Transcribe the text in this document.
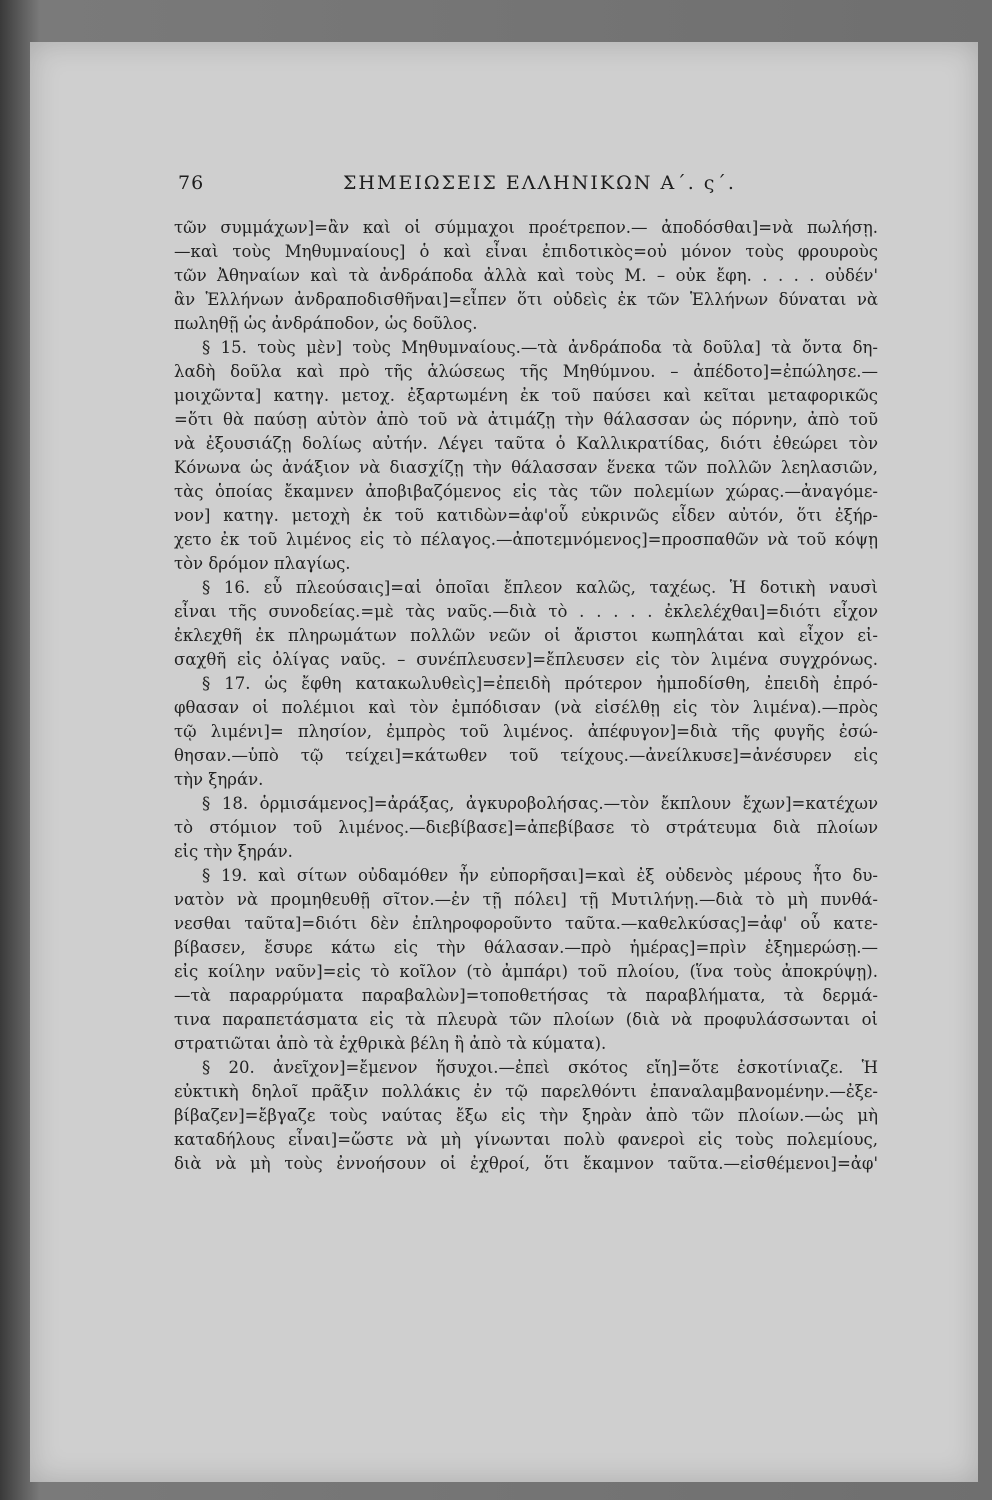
76	ΣΗΜΕΙΩΣΕΙΣ ΕΛΛΗΝΙΚΩΝ Α΄. ς΄.
τῶν συμμάχων]=ἂν καὶ οἱ σύμμαχοι προέτρεπον.— ἀποδόσθαι]=νὰ πωλήσῃ.
—καὶ τοὺς Μηθυμναίους] ὁ καὶ εἶναι ἐπιδοτικὸς=οὐ μόνον τοὺς φρουροὺς
τῶν Ἀθηναίων καὶ τὰ ἀνδράποδα ἀλλὰ καὶ τοὺς Μ. – οὐκ ἔφη. . . . . οὐδέν'
ἂν Ἑλλήνων ἀνδραποδισθῆναι]=εἶπεν ὅτι οὐδεὶς ἐκ τῶν Ἑλλήνων δύναται νὰ
πωληθῇ ὡς ἀνδράποδον, ὡς δοῦλος.
§ 15. τοὺς μὲν] τοὺς Μηθυμναίους.—τὰ ἀνδράποδα τὰ δοῦλα] τὰ ὄντα δη-
λαδὴ δοῦλα καὶ πρὸ τῆς ἁλώσεως τῆς Μηθύμνου. – ἀπέδοτο]=ἐπώλησε.—
μοιχῶντα] κατηγ. μετοχ. ἐξαρτωμένη ἐκ τοῦ παύσει καὶ κεῖται μεταφορικῶς
=ὅτι θὰ παύσῃ αὐτὸν ἀπὸ τοῦ νὰ ἀτιμάζῃ τὴν θάλασσαν ὡς πόρνην, ἀπὸ τοῦ
νὰ ἐξουσιάζῃ δολίως αὐτήν. Λέγει ταῦτα ὁ Καλλικρατίδας, διότι ἐθεώρει τὸν
Κόνωνα ὡς ἀνάξιον νὰ διασχίζῃ τὴν θάλασσαν ἕνεκα τῶν πολλῶν λεηλασιῶν,
τὰς ὁποίας ἔκαμνεν ἀποβιβαζόμενος εἰς τὰς τῶν πολεμίων χώρας.—ἀναγόμε-
νον] κατηγ. μετοχὴ ἐκ τοῦ κατιδὼν=ἀφ'οὗ εὐκρινῶς εἶδεν αὐτόν, ὅτι ἐξήρ-
χετο ἐκ τοῦ λιμένος εἰς τὸ πέλαγος.—ἀποτεμνόμενος]=προσπαθῶν νὰ τοῦ κόψῃ
τὸν δρόμον πλαγίως.
§ 16. εὖ πλεούσαις]=αἱ ὁποῖαι ἔπλεον καλῶς, ταχέως. Ἡ δοτικὴ ναυσὶ
εἶναι τῆς συνοδείας.=μὲ τὰς ναῦς.—διὰ τὸ . . . . . ἐκλελέχθαι]=διότι εἶχον
ἐκλεχθῆ ἐκ πληρωμάτων πολλῶν νεῶν οἱ ἄριστοι κωπηλάται καὶ εἶχον εἰ-
σαχθῆ εἰς ὀλίγας ναῦς. – συνέπλευσεν]=ἔπλευσεν εἰς τὸν λιμένα συγχρόνως.
§ 17. ὡς ἔφθη κατακωλυθεὶς]=ἐπειδὴ πρότερον ἠμποδίσθη, ἐπειδὴ ἐπρό-
φθασαν οἱ πολέμιοι καὶ τὸν ἐμπόδισαν (νὰ εἰσέλθῃ εἰς τὸν λιμένα).—πρὸς
τῷ λιμένι]= πλησίον, ἐμπρὸς τοῦ λιμένος. ἀπέφυγον]=διὰ τῆς φυγῆς ἐσώ-
θησαν.—ὑπὸ τῷ τείχει]=κάτωθεν τοῦ τείχους.—ἀνείλκυσε]=ἀνέσυρεν εἰς
τὴν ξηράν.
§ 18. ὁρμισάμενος]=ἀράξας, ἀγκυροβολήσας.—τὸν ἔκπλουν ἔχων]=κατέχων
τὸ στόμιον τοῦ λιμένος.—διεβίβασε]=ἀπεβίβασε τὸ στράτευμα διὰ πλοίων
εἰς τὴν ξηράν.
§ 19. καὶ σίτων οὐδαμόθεν ἦν εὐπορῆσαι]=καὶ ἐξ οὐδενὸς μέρους ἦτο δυ-
νατὸν νὰ προμηθευθῇ σῖτον.—ἐν τῇ πόλει] τῇ Μυτιλήνῃ.—διὰ τὸ μὴ πυνθά-
νεσθαι ταῦτα]=διότι δὲν ἐπληροφοροῦντο ταῦτα.—καθελκύσας]=ἀφ' οὗ κατε-
βίβασεν, ἔσυρε κάτω εἰς τὴν θάλασαν.—πρὸ ἡμέρας]=πρὶν ἐξημερώσῃ.—
εἰς κοίλην ναῦν]=εἰς τὸ κοῖλον (τὸ ἀμπάρι) τοῦ πλοίου, (ἵνα τοὺς ἀποκρύψῃ).
—τὰ παραρρύματα παραβαλὼν]=τοποθετήσας τὰ παραβλήματα, τὰ δερμά-
τινα παραπετάσματα εἰς τὰ πλευρὰ τῶν πλοίων (διὰ νὰ προφυλάσσωνται οἱ
στρατιῶται ἀπὸ τὰ ἐχθρικὰ βέλη ἢ ἀπὸ τὰ κύματα).
§ 20. ἀνεῖχον]=ἔμενον ἥσυχοι.—ἐπεὶ σκότος εἴη]=ὅτε ἐσκοτίνιαζε. Ἡ
εὐκτικὴ δηλοῖ πρᾶξιν πολλάκις ἐν τῷ παρελθόντι ἐπαναλαμβανομένην.—ἐξε-
βίβαζεν]=ἔβγαζε τοὺς ναύτας ἔξω εἰς τὴν ξηρὰν ἀπὸ τῶν πλοίων.—ὡς μὴ
καταδήλους εἶναι]=ὥστε νὰ μὴ γίνωνται πολὺ φανεροὶ εἰς τοὺς πολεμίους,
διὰ νὰ μὴ τοὺς ἐννοήσουν οἱ ἐχθροί, ὅτι ἔκαμνον ταῦτα.—εἰσθέμενοι]=ἀφ'
